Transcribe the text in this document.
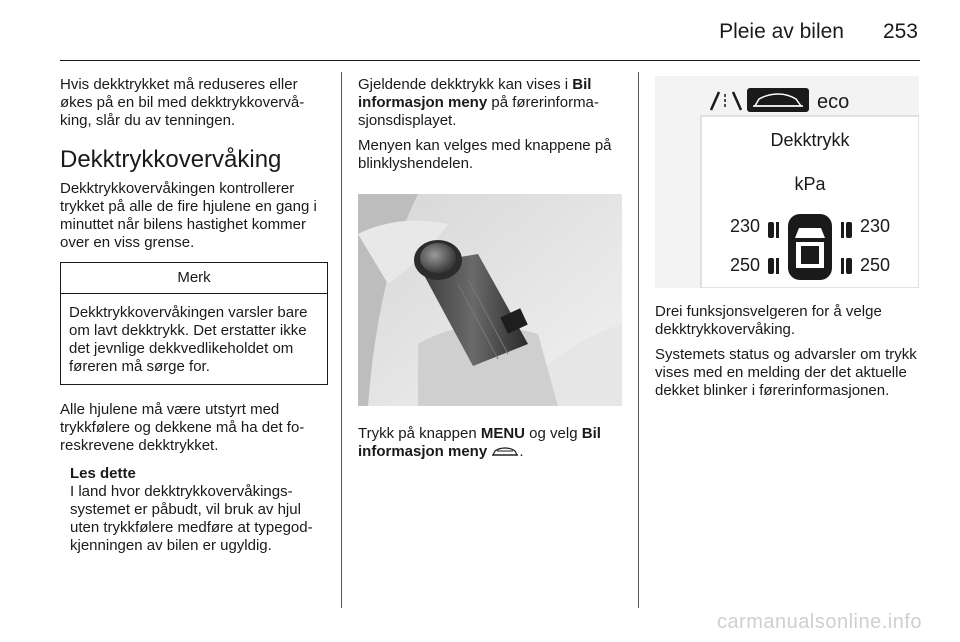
Pleie av bilen 253

Hvis dekktrykket må reduseres eller økes på en bil med dekktrykkovervåking, slår du av tenningen.

Dekktrykkovervåking

Dekktrykkovervåkingen kontrollerer trykket på alle de fire hjulene en gang i minuttet når bilens hastighet kommer over en viss grense.

Merk
Dekktrykkovervåkingen varsler bare om lavt dekktrykk. Det erstatter ikke det jevnlige dekkvedlikeholdet om føreren må sørge for.

Alle hjulene må være utstyrt med trykkfølere og dekkene må ha det foreskrevene dekktrykket.

Les dette
I land hvor dekktrykkovervåkingssystemet er påbudt, vil bruk av hjul uten trykkfølere medføre at typegodkjenningen av bilen er ugyldig.

Gjeldende dekktrykk kan vises i Bil informasjon meny på førerinformasjonsdisplayet.

Menyen kan velges med knappene på blinklyshendelen.

Trykk på knappen MENU og velg Bil informasjon meny .

eco
Dekktrykk
kPa
230	230
250	250

Drei funksjonsvelgeren for å velge dekktrykkovervåking.

Systemets status og advarsler om trykk vises med en melding der det aktuelle dekket blinker i førerinformasjonen.

carmanualsonline.info
